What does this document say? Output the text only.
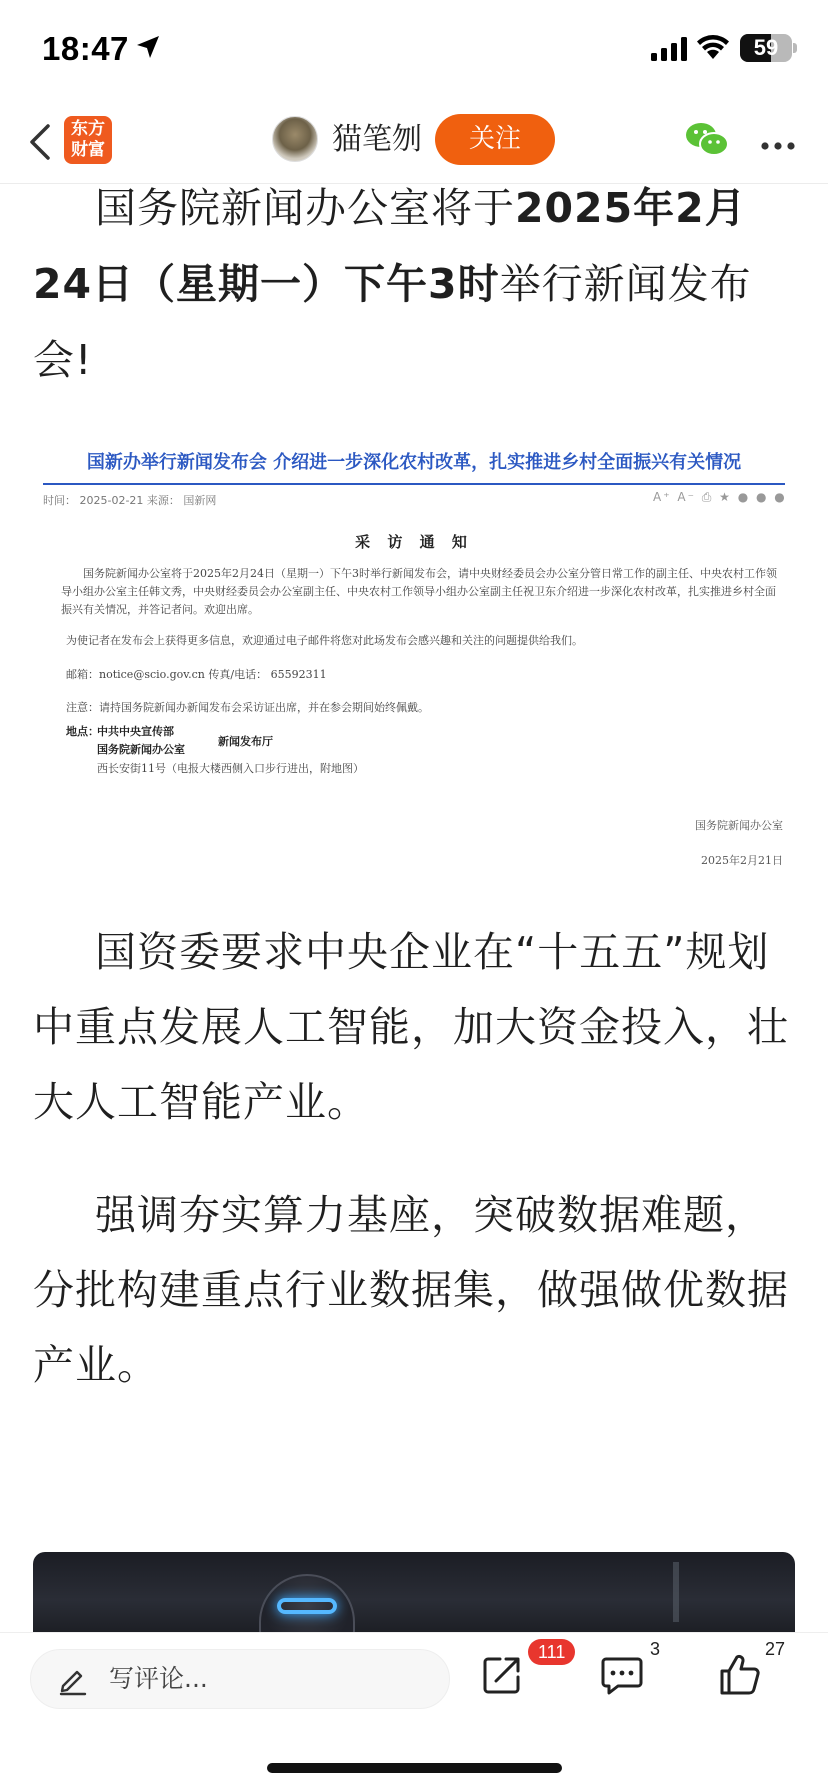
18:47	59
东方
财富	猫笔刎	关注
国务院新闻办公室将于2025年2月24日（星期一）下午3时举行新闻发布会!
国新办举行新闻发布会 介绍进一步深化农村改革，扎实推进乡村全面振兴有关情况
时间： 2025-02-21 来源： 国新网	A⁺ A⁻ ⎙ ★ ● ● ●
采 访 通 知
国务院新闻办公室将于2025年2月24日（星期一）下午3时举行新闻发布会，请中央财经委员会办公室分管日常工作的副主任、中央农村工作领导小组办公室主任韩文秀，中央财经委员会办公室副主任、中央农村工作领导小组办公室副主任祝卫东介绍进一步深化农村改革，扎实推进乡村全面振兴有关情况，并答记者问。欢迎出席。
为使记者在发布会上获得更多信息，欢迎通过电子邮件将您对此场发布会感兴趣和关注的问题提供给我们。
邮箱：notice@scio.gov.cn 传真/电话： 65592311
注意：请持国务院新闻办新闻发布会采访证出席，并在参会期间始终佩戴。
地点：
中共中央宣传部
国务院新闻办公室
新闻发布厅
西长安街11号（电报大楼西侧入口步行进出，附地图）
国务院新闻办公室
2025年2月21日
国资委要求中央企业在“十五五”规划中重点发展人工智能，加大资金投入，壮大人工智能产业。
强调夯实算力基座，突破数据难题，分批构建重点行业数据集，做强做优数据产业。
写评论...
111	3	27
